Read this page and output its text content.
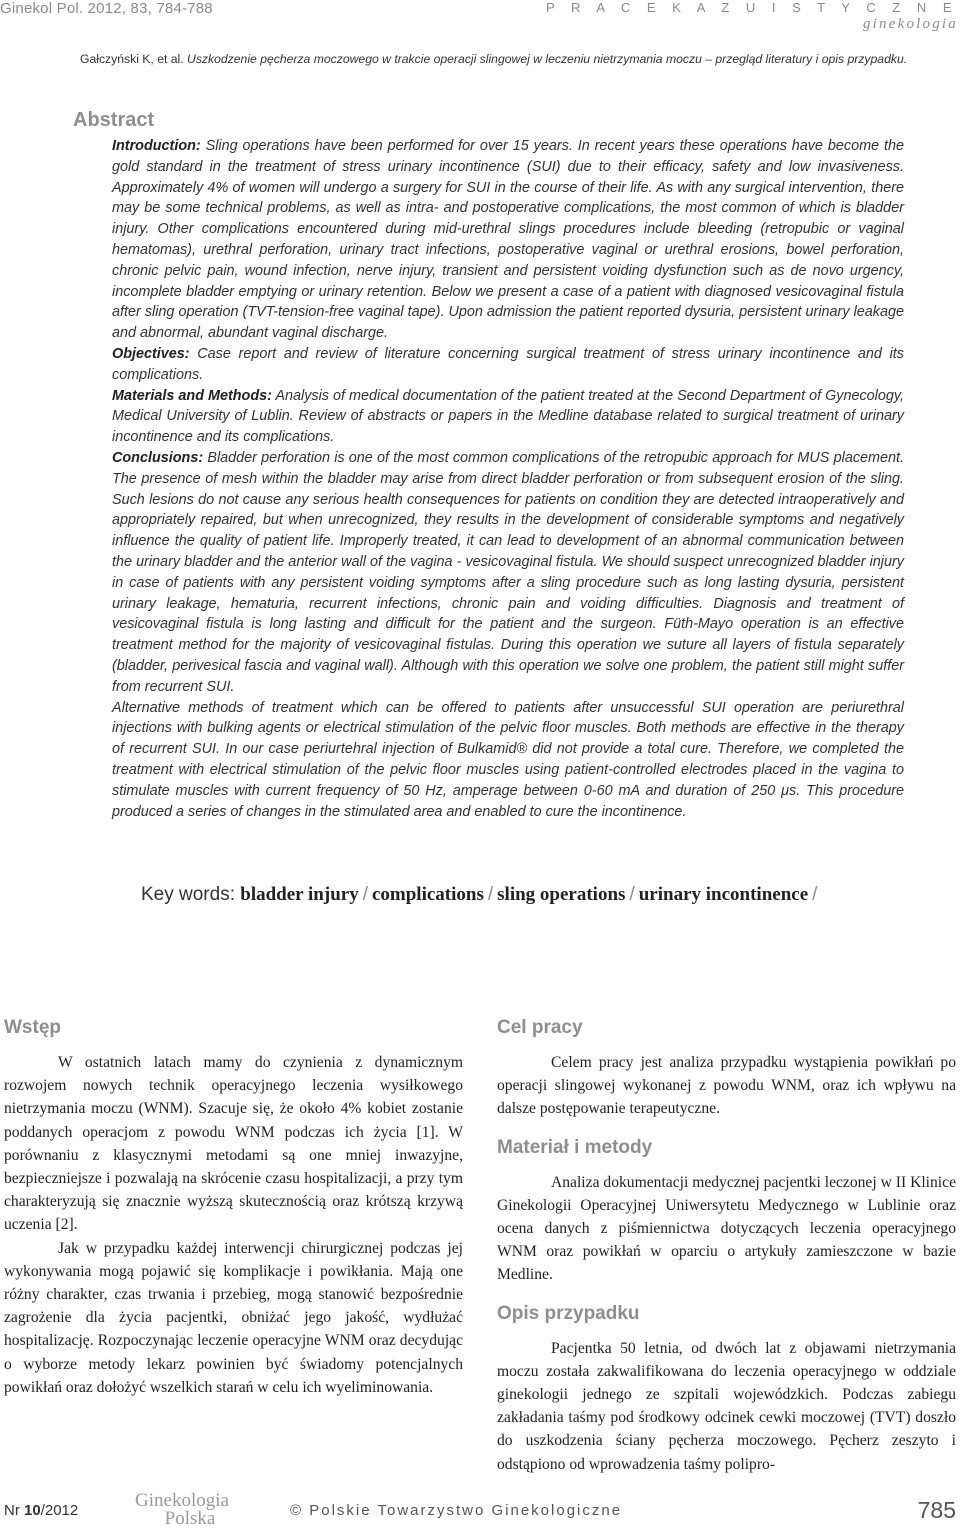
Ginekol Pol. 2012, 83, 784-788	P R A C E K A Z U I S T Y C Z N E
ginekologia
Gałczyński K, et al. Uszkodzenie pęcherza moczowego w trakcie operacji slingowej w leczeniu nietrzymania moczu – przegląd literatury i opis przypadku.
Abstract

Introduction: Sling operations have been performed for over 15 years. In recent years these operations have become the gold standard in the treatment of stress urinary incontinence (SUI) due to their efficacy, safety and low invasiveness. Approximately 4% of women will undergo a surgery for SUI in the course of their life. As with any surgical intervention, there may be some technical problems, as well as intra- and postoperative complications, the most common of which is bladder injury. Other complications encountered during mid-urethral slings procedures include bleeding (retropubic or vaginal hematomas), urethral perforation, urinary tract infections, postoperative vaginal or urethral erosions, bowel perforation, chronic pelvic pain, wound infection, nerve injury, transient and persistent voiding dysfunction such as de novo urgency, incomplete bladder emptying or urinary retention. Below we present a case of a patient with diagnosed vesicovaginal fistula after sling operation (TVT-tension-free vaginal tape). Upon admission the patient reported dysuria, persistent urinary leakage and abnormal, abundant vaginal discharge.

Objectives: Case report and review of literature concerning surgical treatment of stress urinary incontinence and its complications.

Materials and Methods: Analysis of medical documentation of the patient treated at the Second Department of Gynecology, Medical University of Lublin. Review of abstracts or papers in the Medline database related to surgical treatment of urinary incontinence and its complications.

Conclusions: Bladder perforation is one of the most common complications of the retropubic approach for MUS placement. The presence of mesh within the bladder may arise from direct bladder perforation or from subsequent erosion of the sling. Such lesions do not cause any serious health consequences for patients on condition they are detected intraoperatively and appropriately repaired, but when unrecognized, they results in the development of considerable symptoms and negatively influence the quality of patient life. Improperly treated, it can lead to development of an abnormal communication between the urinary bladder and the anterior wall of the vagina - vesicovaginal fistula. We should suspect unrecognized bladder injury in case of patients with any persistent voiding symptoms after a sling procedure such as long lasting dysuria, persistent urinary leakage, hematuria, recurrent infections, chronic pain and voiding difficulties. Diagnosis and treatment of vesicovaginal fistula is long lasting and difficult for the patient and the surgeon. Füth-Mayo operation is an effective treatment method for the majority of vesicovaginal fistulas. During this operation we suture all layers of fistula separately (bladder, perivesical fascia and vaginal wall). Although with this operation we solve one problem, the patient still might suffer from recurrent SUI.

Alternative methods of treatment which can be offered to patients after unsuccessful SUI operation are periurethral injections with bulking agents or electrical stimulation of the pelvic floor muscles. Both methods are effective in the therapy of recurrent SUI. In our case periurtehral injection of Bulkamid® did not provide a total cure. Therefore, we completed the treatment with electrical stimulation of the pelvic floor muscles using patient-controlled electrodes placed in the vagina to stimulate muscles with current frequency of 50 Hz, amperage between 0-60 mA and duration of 250 μs. This procedure produced a series of changes in the stimulated area and enabled to cure the incontinence.

Key words: bladder injury / complications / sling operations / urinary incontinence /
Wstęp

W ostatnich latach mamy do czynienia z dynamicznym rozwojem nowych technik operacyjnego leczenia wysiłkowego nietrzymania moczu (WNM). Szacuje się, że około 4% kobiet zostanie poddanych operacjom z powodu WNM podczas ich życia [1]. W porównaniu z klasycznymi metodami są one mniej inwazyjne, bezpieczniejsze i pozwalają na skrócenie czasu hospitalizacji, a przy tym charakteryzują się znacznie wyższą skutecznością oraz krótszą krzywą uczenia [2].

Jak w przypadku każdej interwencji chirurgicznej podczas jej wykonywania mogą pojawić się komplikacje i powikłania. Mają one różny charakter, czas trwania i przebieg, mogą stanowić bezpośrednie zagrożenie dla życia pacjentki, obniżać jego jakość, wydłużać hospitalizację. Rozpoczynając leczenie operacyjne WNM oraz decydując o wyborze metody lekarz powinien być świadomy potencjalnych powikłań oraz dołożyć wszelkich starań w celu ich wyeliminowania.

Cel pracy

Celem pracy jest analiza przypadku wystąpienia powikłań po operacji slingowej wykonanej z powodu WNM, oraz ich wpływu na dalsze postępowanie terapeutyczne.

Materiał i metody

Analiza dokumentacji medycznej pacjentki leczonej w II Klinice Ginekologii Operacyjnej Uniwersytetu Medycznego w Lublinie oraz ocena danych z piśmiennictwa dotyczących leczenia operacyjnego WNM oraz powikłań w oparciu o artykuły zamieszczone w bazie Medline.

Opis przypadku

Pacjentka 50 letnia, od dwóch lat z objawami nietrzymania moczu została zakwalifikowana do leczenia operacyjnego w oddziale ginekologii jednego ze szpitali wojewódzkich. Podczas zabiegu zakładania taśmy pod środkowy odcinek cewki moczowej (TVT) doszło do uszkodzenia ściany pęcherza moczowego. Pęcherz zeszyto i odstąpiono od wprowadzenia taśmy polipro-

Nr 10/2012	Ginekologia
Polska	© Polskie Towarzystwo Ginekologiczne	785
